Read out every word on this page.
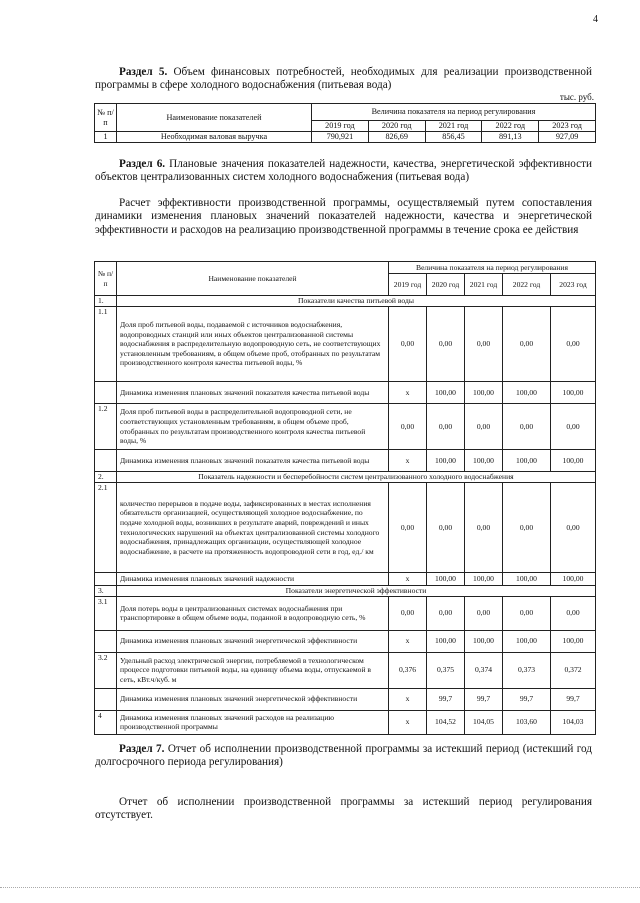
4
Раздел 5. Объем финансовых потребностей, необходимых для реализации производственной программы в сфере холодного водоснабжения (питьевая вода)
тыс. руб.
№ п/п	Наименование показателей	Величина показателя на период регулирования				
		2019 год	2020 год	2021 год	2022 год	2023 год
1	Необходимая валовая выручка	790,921	826,69	856,45	891,13	927,09
Раздел 6. Плановые значения показателей надежности, качества, энергетической эффективности объектов централизованных систем холодного водоснабжения (питьевая вода)
Расчет эффективности производственной программы, осуществляемый путем сопоставления динамики изменения плановых значений показателей надежности, качества и энергетической эффективности и расходов на реализацию производственной программы в течение срока ее действия
№ п/п	Наименование показателей	Величина показателя на период регулирования				
		2019 год	2020 год	2021 год	2022 год	2023 год

1.	Показатели качества питьевой воды					
1.1	Доля проб питьевой воды, подаваемой с источников водоснабжения, водопроводных станций или иных объектов централизованной системы водоснабжения в распределительную водопроводную сеть, не соответствующих установленным требованиям, в общем объеме проб, отобранных по результатам производственного контроля качества питьевой воды, %	0,00	0,00	0,00	0,00	0,00
	Динамика изменения плановых значений показателя качества питьевой воды	х	100,00	100,00	100,00	100,00
1.2	Доля проб питьевой воды в распределительной водопроводной сети, не соответствующих установленным требованиям, в общем объеме проб, отобранных по результатам производственного контроля качества питьевой воды, %	0,00	0,00	0,00	0,00	0,00
	Динамика изменения плановых значений показателя качества питьевой воды	х	100,00	100,00	100,00	100,00
2.	Показатель надежности и бесперебойности систем централизованного холодного водоснабжения					
2.1	количество перерывов в подаче воды, зафиксированных в местах исполнения обязательств организацией, осуществляющей холодное водоснабжение, по подаче холодной воды, возникших в результате аварий, повреждений и иных технологических нарушений на объектах централизованной системы холодного водоснабжения, принадлежащих организации, осуществляющей холодное водоснабжение, в расчете на протяженность водопроводной сети в год, ед./ км	0,00	0,00	0,00	0,00	0,00
	Динамика изменения плановых значений надежности	х	100,00	100,00	100,00	100,00
3.	Показатели энергетической эффективности					
3.1	Доля потерь воды в централизованных системах водоснабжения при транспортировке в общем объеме воды, поданной в водопроводную сеть, %	0,00	0,00	0,00	0,00	0,00
	Динамика изменения плановых значений энергетической эффективности	х	100,00	100,00	100,00	100,00
3.2	Удельный расход электрической энергии, потребляемой в технологическом процессе подготовки питьевой воды, на единицу объема воды, отпускаемой в сеть, кВт.ч/куб. м	0,376	0,375	0,374	0,373	0,372
	Динамика изменения плановых значений энергетической эффективности	х	99,7	99,7	99,7	99,7
4	Динамика изменения плановых значений расходов на реализацию производственной программы	х	104,52	104,05	103,60	104,03
Раздел 7. Отчет об исполнении производственной программы за истекший период (истекший год долгосрочного периода регулирования)
Отчет об исполнении производственной программы за истекший период регулирования отсутствует.
